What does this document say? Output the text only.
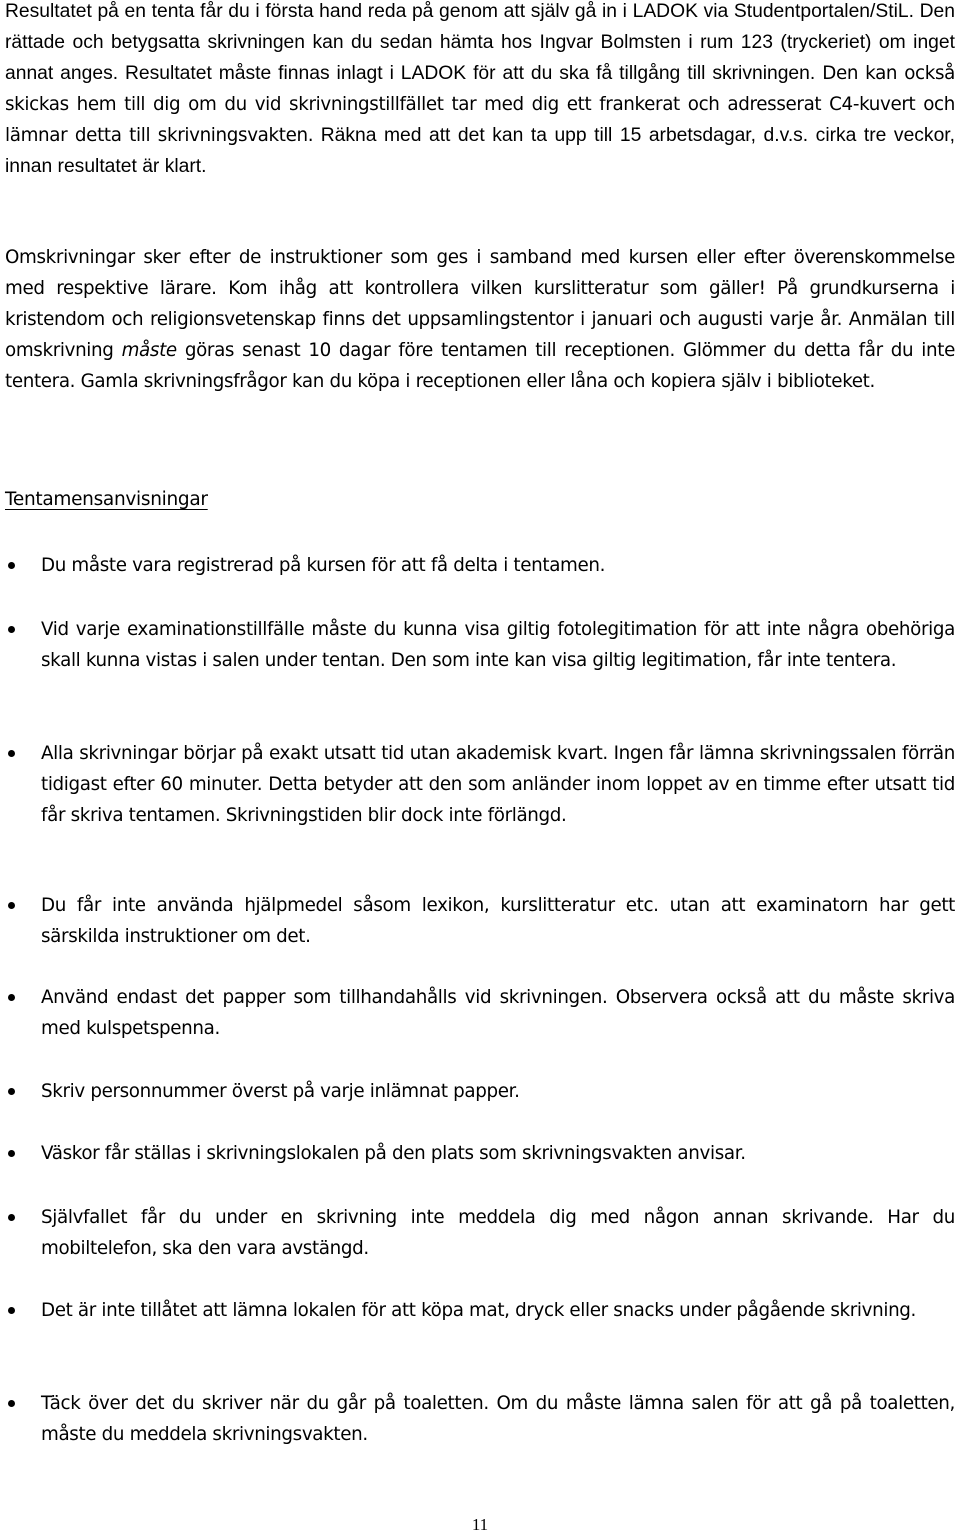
Resultatet på en tenta får du i första hand reda på genom att själv gå in i LADOK via Studentportalen/StiL. Den rättade och betygsatta skrivningen kan du sedan hämta hos Ingvar Bolmsten i rum 123 (tryckeriet) om inget annat anges. Resultatet måste finnas inlagt i LADOK för att du ska få tillgång till skrivningen. Den kan också skickas hem till dig om du vid skrivningstillfället tar med dig ett frankerat och adresserat C4-kuvert och lämnar detta till skrivningsvakten. Räkna med att det kan ta upp till 15 arbetsdagar, d.v.s. cirka tre veckor, innan resultatet är klart.

Omskrivningar sker efter de instruktioner som ges i samband med kursen eller efter överenskommelse med respektive lärare. Kom ihåg att kontrollera vilken kurslitteratur som gäller! På grundkurserna i kristendom och religionsvetenskap finns det uppsamlingstentor i januari och augusti varje år. Anmälan till omskrivning måste göras senast 10 dagar före tentamen till receptionen. Glömmer du detta får du inte tentera. Gamla skrivningsfrågor kan du köpa i receptionen eller låna och kopiera själv i biblioteket.

Tentamensanvisningar
Du måste vara registrerad på kursen för att få delta i tentamen.
Vid varje examinationstillfälle måste du kunna visa giltig fotolegitimation för att inte några obehöriga skall kunna vistas i salen under tentan. Den som inte kan visa giltig legitimation, får inte tentera.
Alla skrivningar börjar på exakt utsatt tid utan akademisk kvart. Ingen får lämna skrivningssalen förrän tidigast efter 60 minuter. Detta betyder att den som anländer inom loppet av en timme efter utsatt tid får skriva tentamen. Skrivningstiden blir dock inte förlängd.
Du får inte använda hjälpmedel såsom lexikon, kurslitteratur etc. utan att examinatorn har gett särskilda instruktioner om det.
Använd endast det papper som tillhandahålls vid skrivningen. Observera också att du måste skriva med kulspetspenna.
Skriv personnummer överst på varje inlämnat papper.
Väskor får ställas i skrivningslokalen på den plats som skrivningsvakten anvisar.
Självfallet får du under en skrivning inte meddela dig med någon annan skrivande. Har du mobiltelefon, ska den vara avstängd.
Det är inte tillåtet att lämna lokalen för att köpa mat, dryck eller snacks under pågående skrivning.
Täck över det du skriver när du går på toaletten. Om du måste lämna salen för att gå på toaletten, måste du meddela skrivningsvakten.

11
